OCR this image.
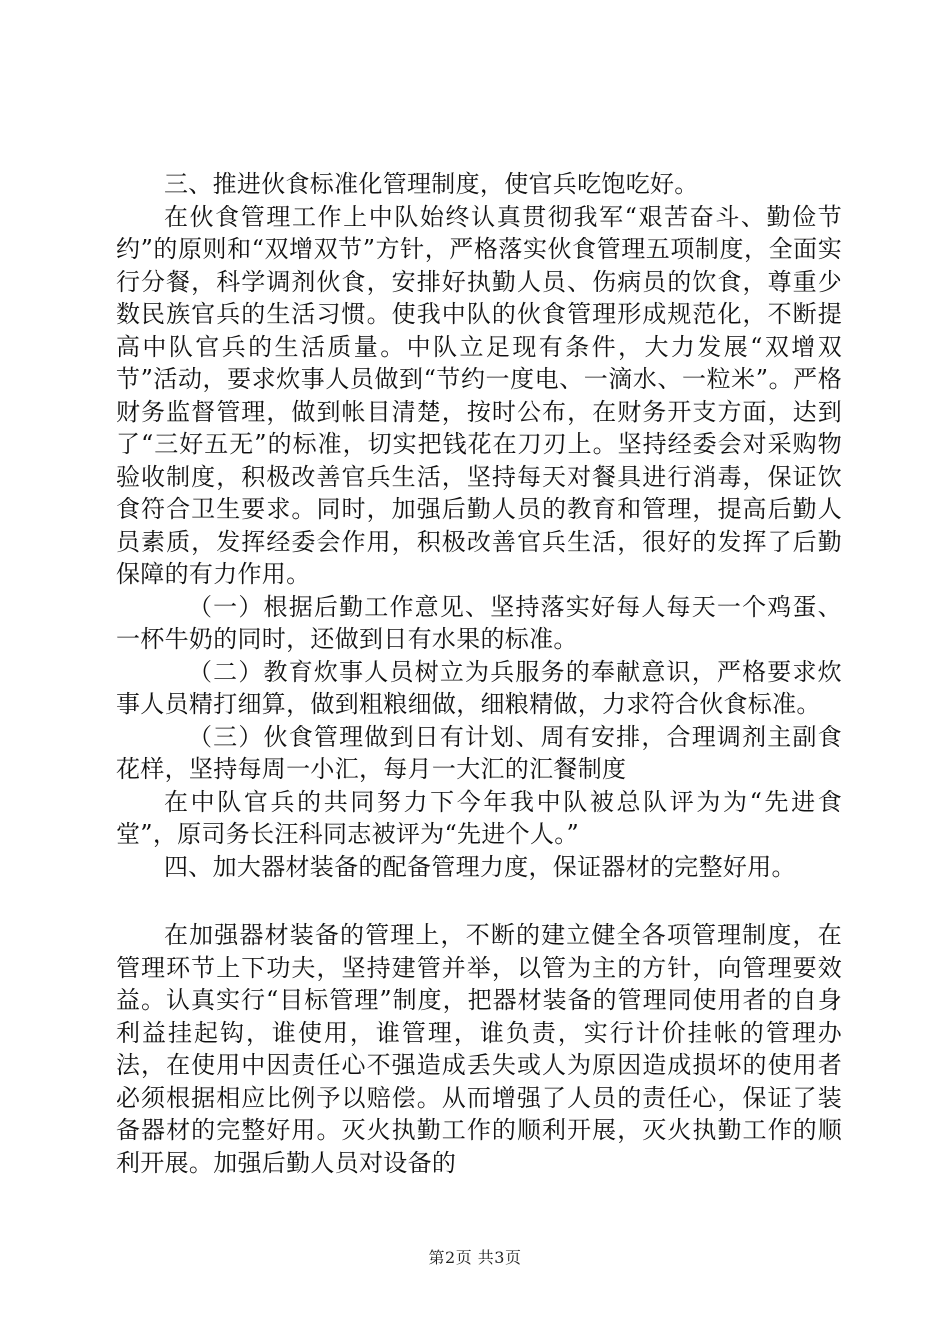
三、推进伙食标准化管理制度，使官兵吃饱吃好。

在伙食管理工作上中队始终认真贯彻我军“艰苦奋斗、勤俭节约”的原则和“双增双节”方针，严格落实伙食管理五项制度，全面实行分餐，科学调剂伙食，安排好执勤人员、伤病员的饮食，尊重少数民族官兵的生活习惯。使我中队的伙食管理形成规范化，不断提高中队官兵的生活质量。中队立足现有条件，大力发展“双增双节”活动，要求炊事人员做到“节约一度电、一滴水、一粒米”。严格财务监督管理，做到帐目清楚，按时公布，在财务开支方面，达到了“三好五无”的标准，切实把钱花在刀刃上。坚持经委会对采购物验收制度，积极改善官兵生活，坚持每天对餐具进行消毒，保证饮食符合卫生要求。同时，加强后勤人员的教育和管理，提高后勤人员素质，发挥经委会作用，积极改善官兵生活，很好的发挥了后勤保障的有力作用。

（一）根据后勤工作意见、坚持落实好每人每天一个鸡蛋、一杯牛奶的同时，还做到日有水果的标准。

（二）教育炊事人员树立为兵服务的奉献意识，严格要求炊事人员精打细算，做到粗粮细做，细粮精做，力求符合伙食标准。

（三）伙食管理做到日有计划、周有安排，合理调剂主副食花样，坚持每周一小汇，每月一大汇的汇餐制度

在中队官兵的共同努力下今年我中队被总队评为为“先进食堂”，原司务长汪科同志被评为“先进个人。”

四、加大器材装备的配备管理力度，保证器材的完整好用。

在加强器材装备的管理上，不断的建立健全各项管理制度，在管理环节上下功夫，坚持建管并举，以管为主的方针，向管理要效益。认真实行“目标管理”制度，把器材装备的管理同使用者的自身利益挂起钩，谁使用，谁管理，谁负责，实行计价挂帐的管理办法，在使用中因责任心不强造成丢失或人为原因造成损坏的使用者必须根据相应比例予以赔偿。从而增强了人员的责任心，保证了装备器材的完整好用。灭火执勤工作的顺利开展，灭火执勤工作的顺利开展。加强后勤人员对设备的

第2页 共3页
